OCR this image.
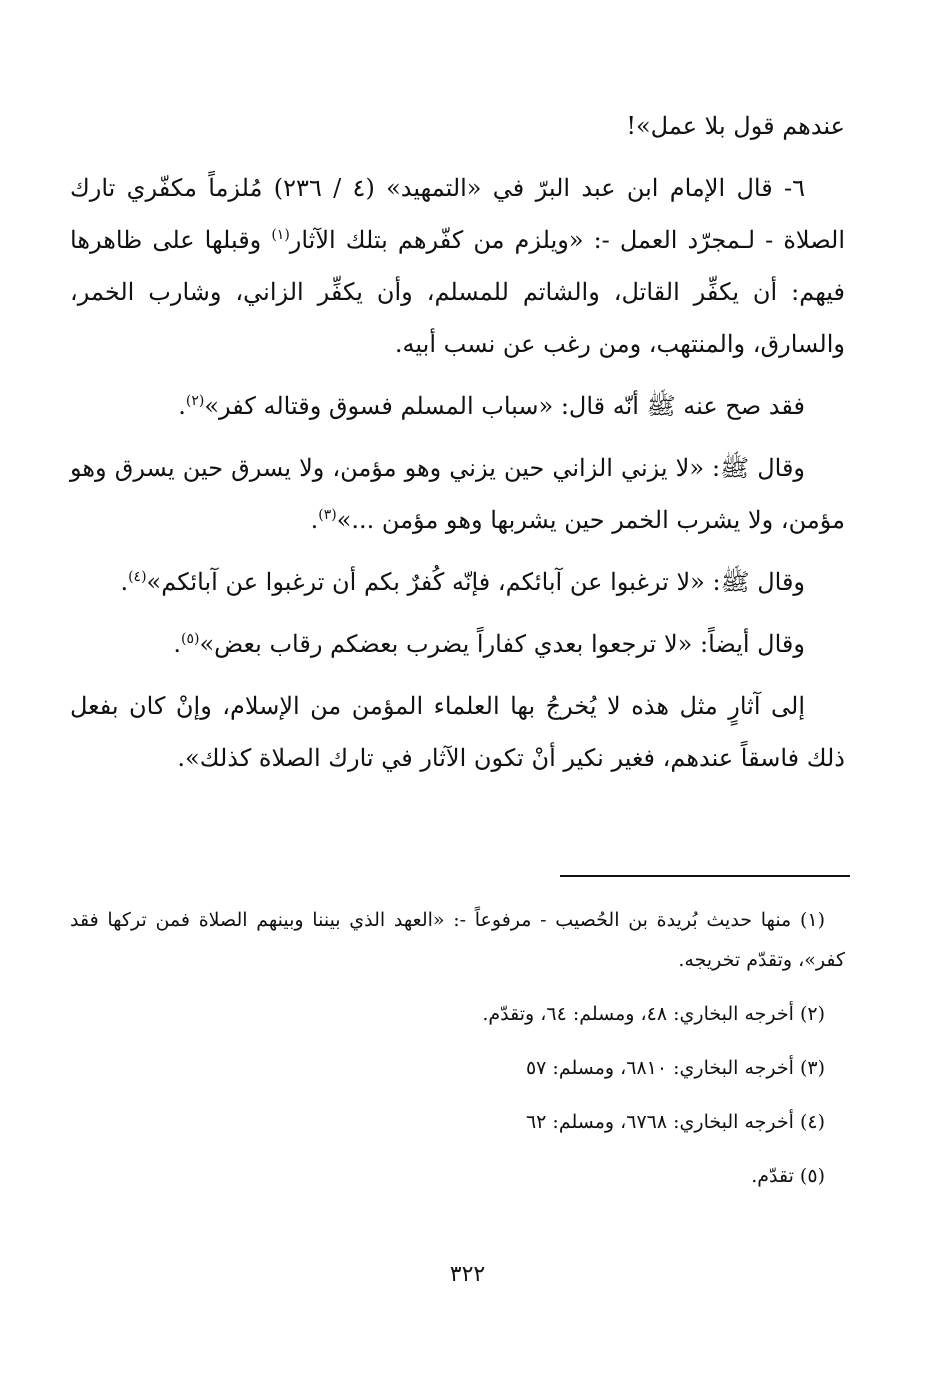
عندهم قول بلا عمل»!

٦- قال الإمام ابن عبد البرّ في «التمهيد» (٤ / ٢٣٦) مُلزماً مكفّري تارك الصلاة - لـمجرّد العمل -: «ويلزم من كفّرهم بتلك الآثار$^{(١)}$ وقبلها على ظاهرها فيهم: أن يكفِّر القاتل، والشاتم للمسلم، وأن يكفِّر الزاني، وشارب الخمر، والسارق، والمنتهب، ومن رغب عن نسب أبيه.

فقد صح عنه ﷺ أنّه قال: «سباب المسلم فسوق وقتاله كفر»$^{(٢)}$.

وقال ﷺ: «لا يزني الزاني حين يزني وهو مؤمن، ولا يسرق حين يسرق وهو مؤمن، ولا يشرب الخمر حين يشربها وهو مؤمن ...»$^{(٣)}$.

وقال ﷺ: «لا ترغبوا عن آبائكم، فإنّه كُفرٌ بكم أن ترغبوا عن آبائكم»$^{(٤)}$.

وقال أيضاً: «لا ترجعوا بعدي كفاراً يضرب بعضكم رقاب بعض»$^{(٥)}$.

إلى آثارٍ مثل هذه لا يُخرجُ بها العلماء المؤمن من الإسلام، وإنْ كان بفعل ذلك فاسقاً عندهم، فغير نكير أنْ تكون الآثار في تارك الصلاة كذلك».

(١) منها حديث بُريدة بن الحُصيب - مرفوعاً -: «العهد الذي بيننا وبينهم الصلاة فمن تركها فقد كفر»، وتقدّم تخريجه.

(٢) أخرجه البخاري: ٤٨، ومسلم: ٦٤، وتقدّم.

(٣) أخرجه البخاري: ٦٨١٠، ومسلم: ٥٧

(٤) أخرجه البخاري: ٦٧٦٨، ومسلم: ٦٢

(٥) تقدّم.

٣٢٢
